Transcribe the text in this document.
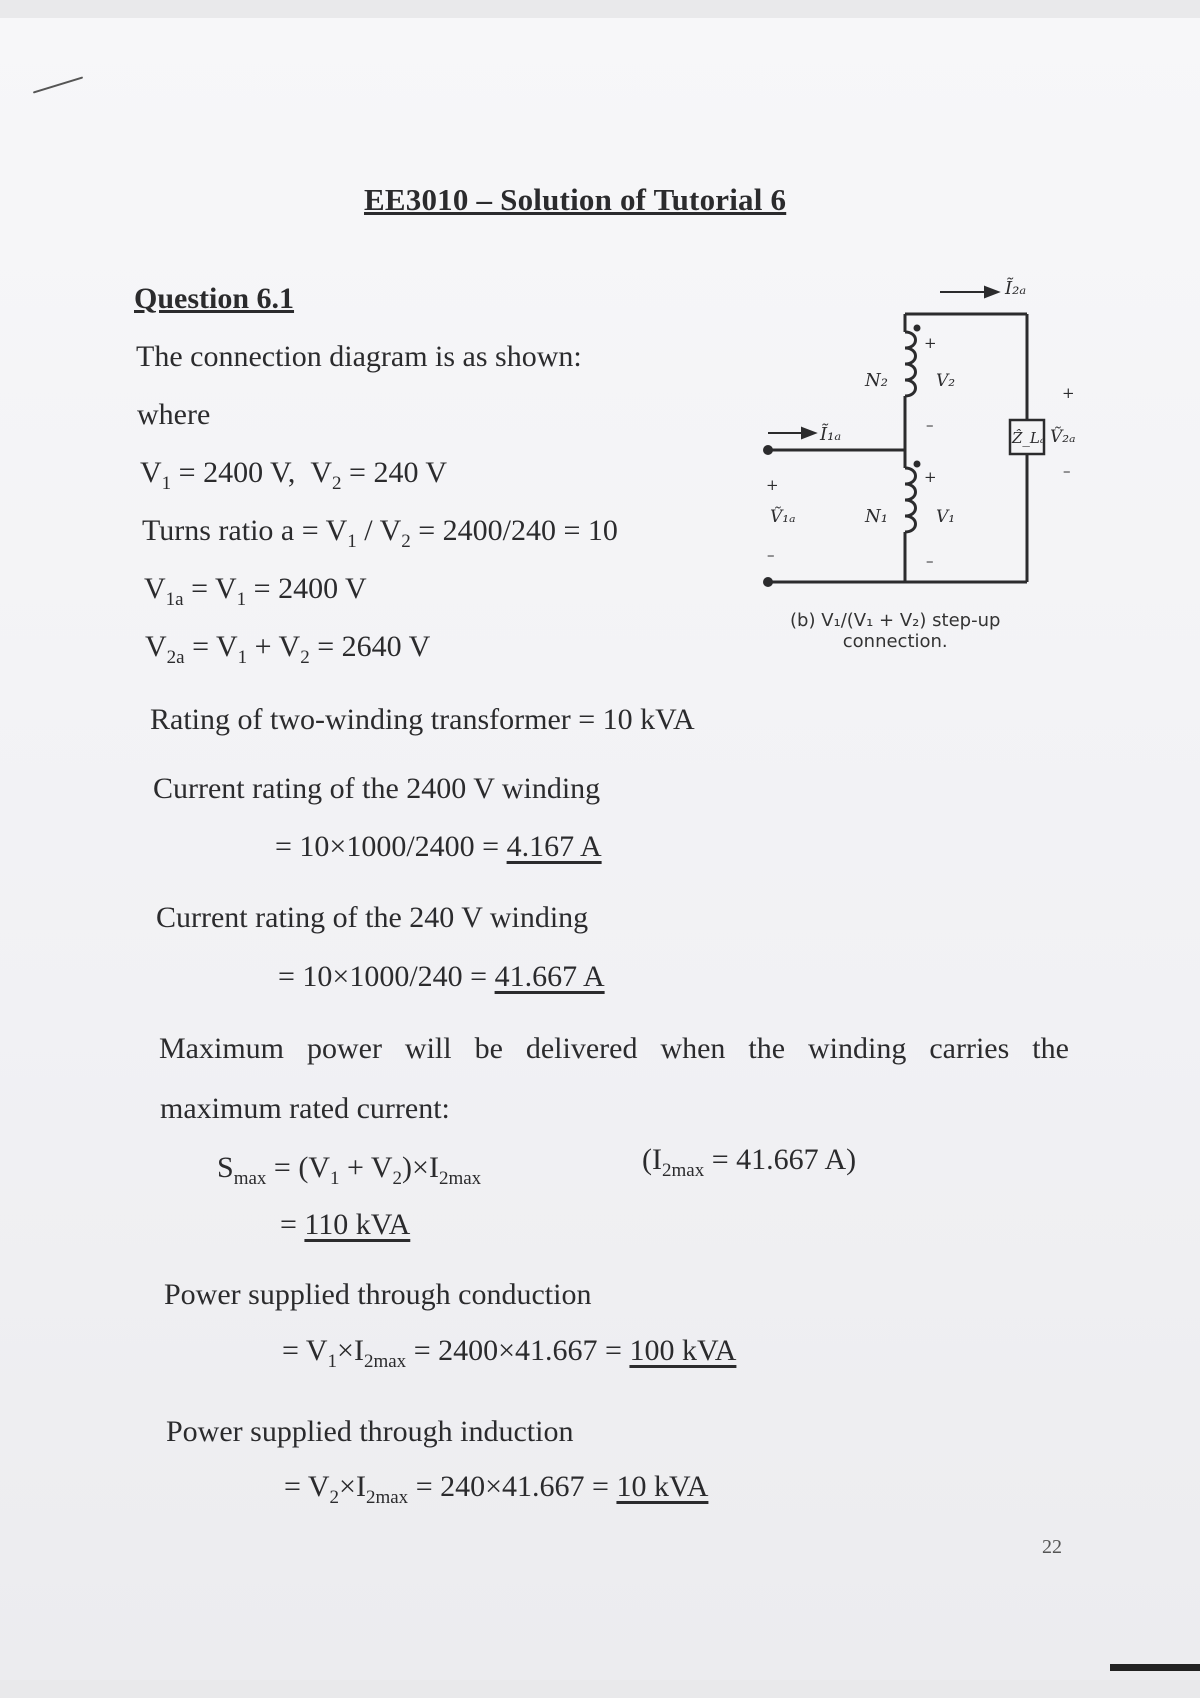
EE3010 – Solution of Tutorial 6
Question 6.1
The connection diagram is as shown:
where
$V_1 = 2400$ V,  $V_2 = 240$ V
Turns ratio $a = V_1 / V_2 = 2400/240 = 10$
$V_{1a} = V_1 = 2400$ V
$V_{2a} = V_1 + V_2 = 2640$ V
Rating of two-winding transformer = 10 kVA
Current rating of the 2400 V winding
= 10×1000/2400 = 4.167 A
Current rating of the 240 V winding
= 10×1000/240 = 41.667 A
Maximum power will be delivered when the winding carries the
maximum rated current:
$S_{max} = (V_1 + V_2)\times I_{2max}$
($I_{2max} = 41.667$ A)
= 110 kVA
Power supplied through conduction
= $V_1\times I_{2max} = 2400\times 41.667 = 100$ kVA
Power supplied through induction
= $V_2\times I_{2max} = 240\times 41.667 = 10$ kVA
22
Ĩ₂ₐ
Ĩ₁ₐ
N₂
N₁
V₂
V₁
Ṽ₁ₐ
Ṽ₂ₐ
Ẑ_Lₐ
+
–
+
–
+
–
+
–
(b) V₁/(V₁ + V₂) step-up
connection.
